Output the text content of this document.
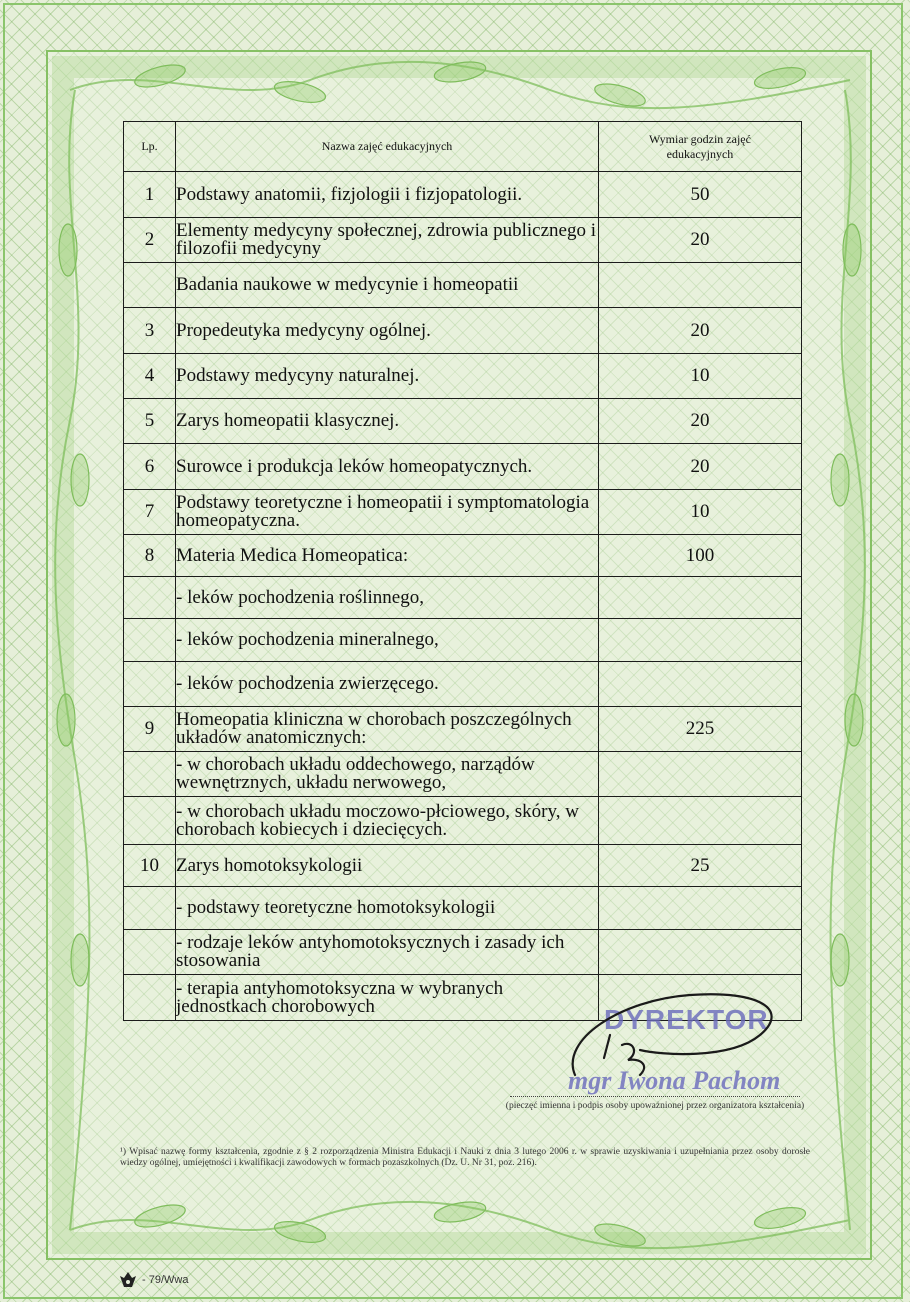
Lp.	Nazwa zajęć edukacyjnych	Wymiar godzin zajęć edukacyjnych
1	Podstawy anatomii, fizjologii i fizjopatologii.	50
2	Elementy medycyny społecznej, zdrowia publicznego i filozofii medycyny	20
	Badania naukowe w medycynie i homeopatii	
3	Propedeutyka medycyny ogólnej.	20
4	Podstawy medycyny naturalnej.	10
5	Zarys homeopatii klasycznej.	20
6	Surowce i produkcja leków homeopatycznych.	20
7	Podstawy teoretyczne i homeopatii i symptomatologia homeopatyczna.	10
8	Materia Medica Homeopatica:	100
	- leków pochodzenia roślinnego,	
	- leków pochodzenia mineralnego,	
	- leków pochodzenia zwierzęcego.	
9	Homeopatia kliniczna w chorobach poszczególnych układów anatomicznych:	225
	- w chorobach układu oddechowego, narządów wewnętrznych, układu nerwowego,	
	- w chorobach układu moczowo-płciowego, skóry, w chorobach kobiecych i dziecięcych.	
10	Zarys homotoksykologii	25
	- podstawy teoretyczne homotoksykologii	
	- rodzaje leków antyhomotoksycznych i zasady ich stosowania	
	- terapia antyhomotoksyczna w wybranych jednostkach chorobowych		DYREKTOR
mgr Iwona Pachom
(pieczęć imienna i podpis osoby upoważnionej przez organizatora kształcenia)
¹) Wpisać nazwę formy kształcenia, zgodnie z § 2 rozporządzenia Ministra Edukacji i Nauki z dnia 3 lutego 2006 r. w sprawie uzyskiwania i uzupełniania przez osoby dorosłe wiedzy ogólnej, umiejętności i kwalifikacji zawodowych w formach pozaszkolnych (Dz. U. Nr 31, poz. 216).
- 79/Wwa
